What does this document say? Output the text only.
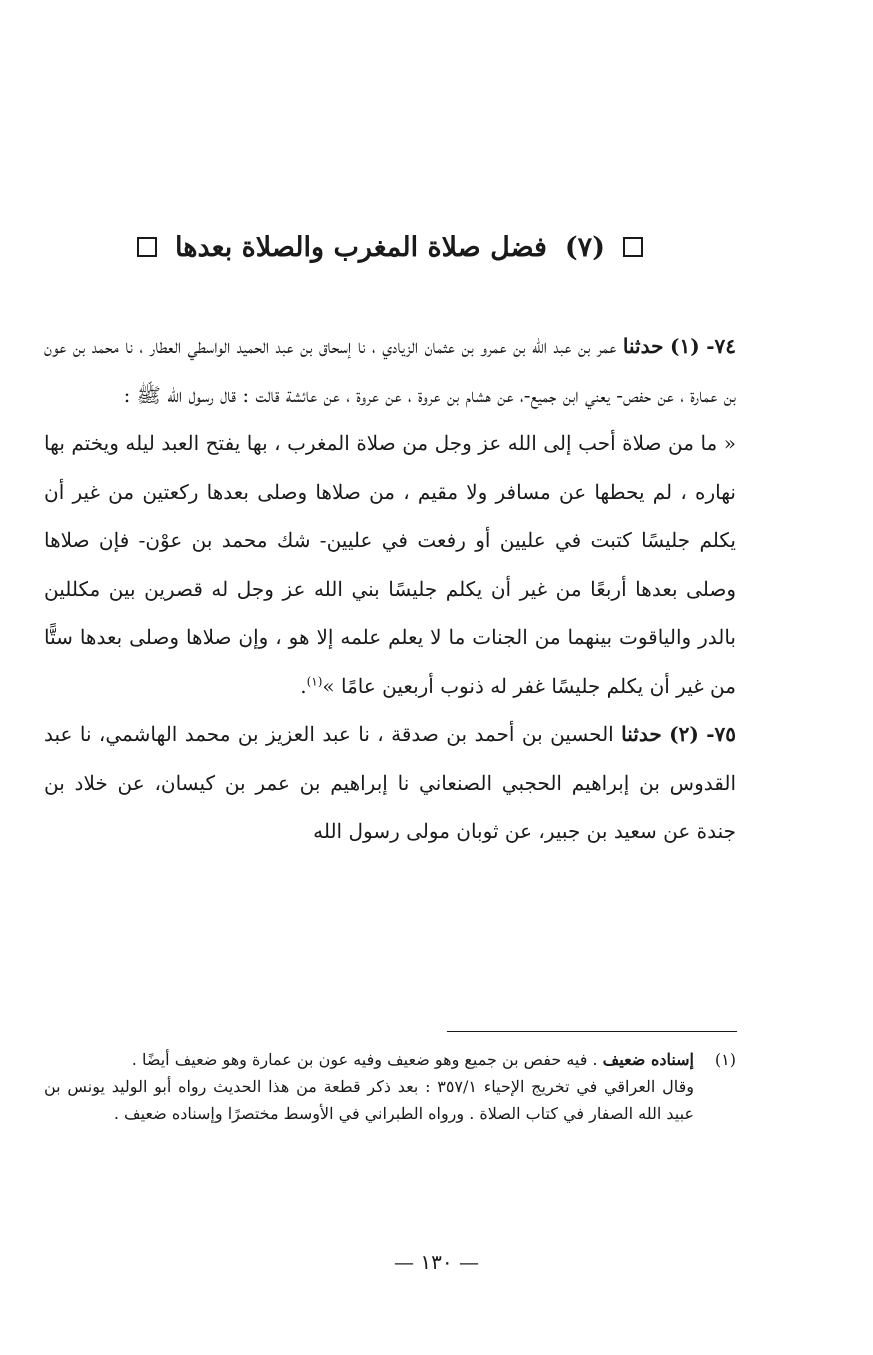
(٧)
فضل صلاة المغرب والصلاة بعدها

٧٤- (١) حدثنا عمر بن عبد الله بن عمرو بن عثمان الزيادي ، نا إسحاق بن عبد الحميد الواسطي العطار ، نا محمد بن عون بن عمارة ، عن حفص- يعني ابن جميع-، عن هشام بن عروة ، عن عروة ، عن عائشة قالت : قال رسول الله ﷺ :

« ما من صلاة أحب إلى الله عز وجل من صلاة المغرب ، بها يفتح العبد ليله ويختم بها نهاره ، لم يحطها عن مسافر ولا مقيم ، من صلاها وصلى بعدها ركعتين من غير أن يكلم جليسًا كتبت في عليين أو رفعت في عليين- شك محمد بن عوْن- فإن صلاها وصلى بعدها أربعًا من غير أن يكلم جليسًا بني الله عز وجل له قصرين بين مكللين بالدر والياقوت بينهما من الجنات ما لا يعلم علمه إلا هو ، وإن صلاها وصلى بعدها ستًّا من غير أن يكلم جليسًا غفر له ذنوب أربعين عامًا »$^{(١)}$.

٧٥- (٢) حدثنا الحسين بن أحمد بن صدقة ، نا عبد العزيز بن محمد الهاشمي، نا عبد القدوس بن إبراهيم الحجبي الصنعاني نا إبراهيم بن عمر بن كيسان، عن خلاد بن جندة عن سعيد بن جبير، عن ثوبان مولى رسول الله

(١)
إسناده ضعيف . فيه حفص بن جميع وهو ضعيف وفيه عون بن عمارة وهو ضعيف أيضًا .
وقال العراقي في تخريج الإحياء ٣٥٧/١ : بعد ذكر قطعة من هذا الحديث رواه أبو الوليد يونس بن عبيد الله الصفار في كتاب الصلاة . ورواه الطبراني في الأوسط مختصرًا وإسناده ضعيف .
— ١٣٠ —
